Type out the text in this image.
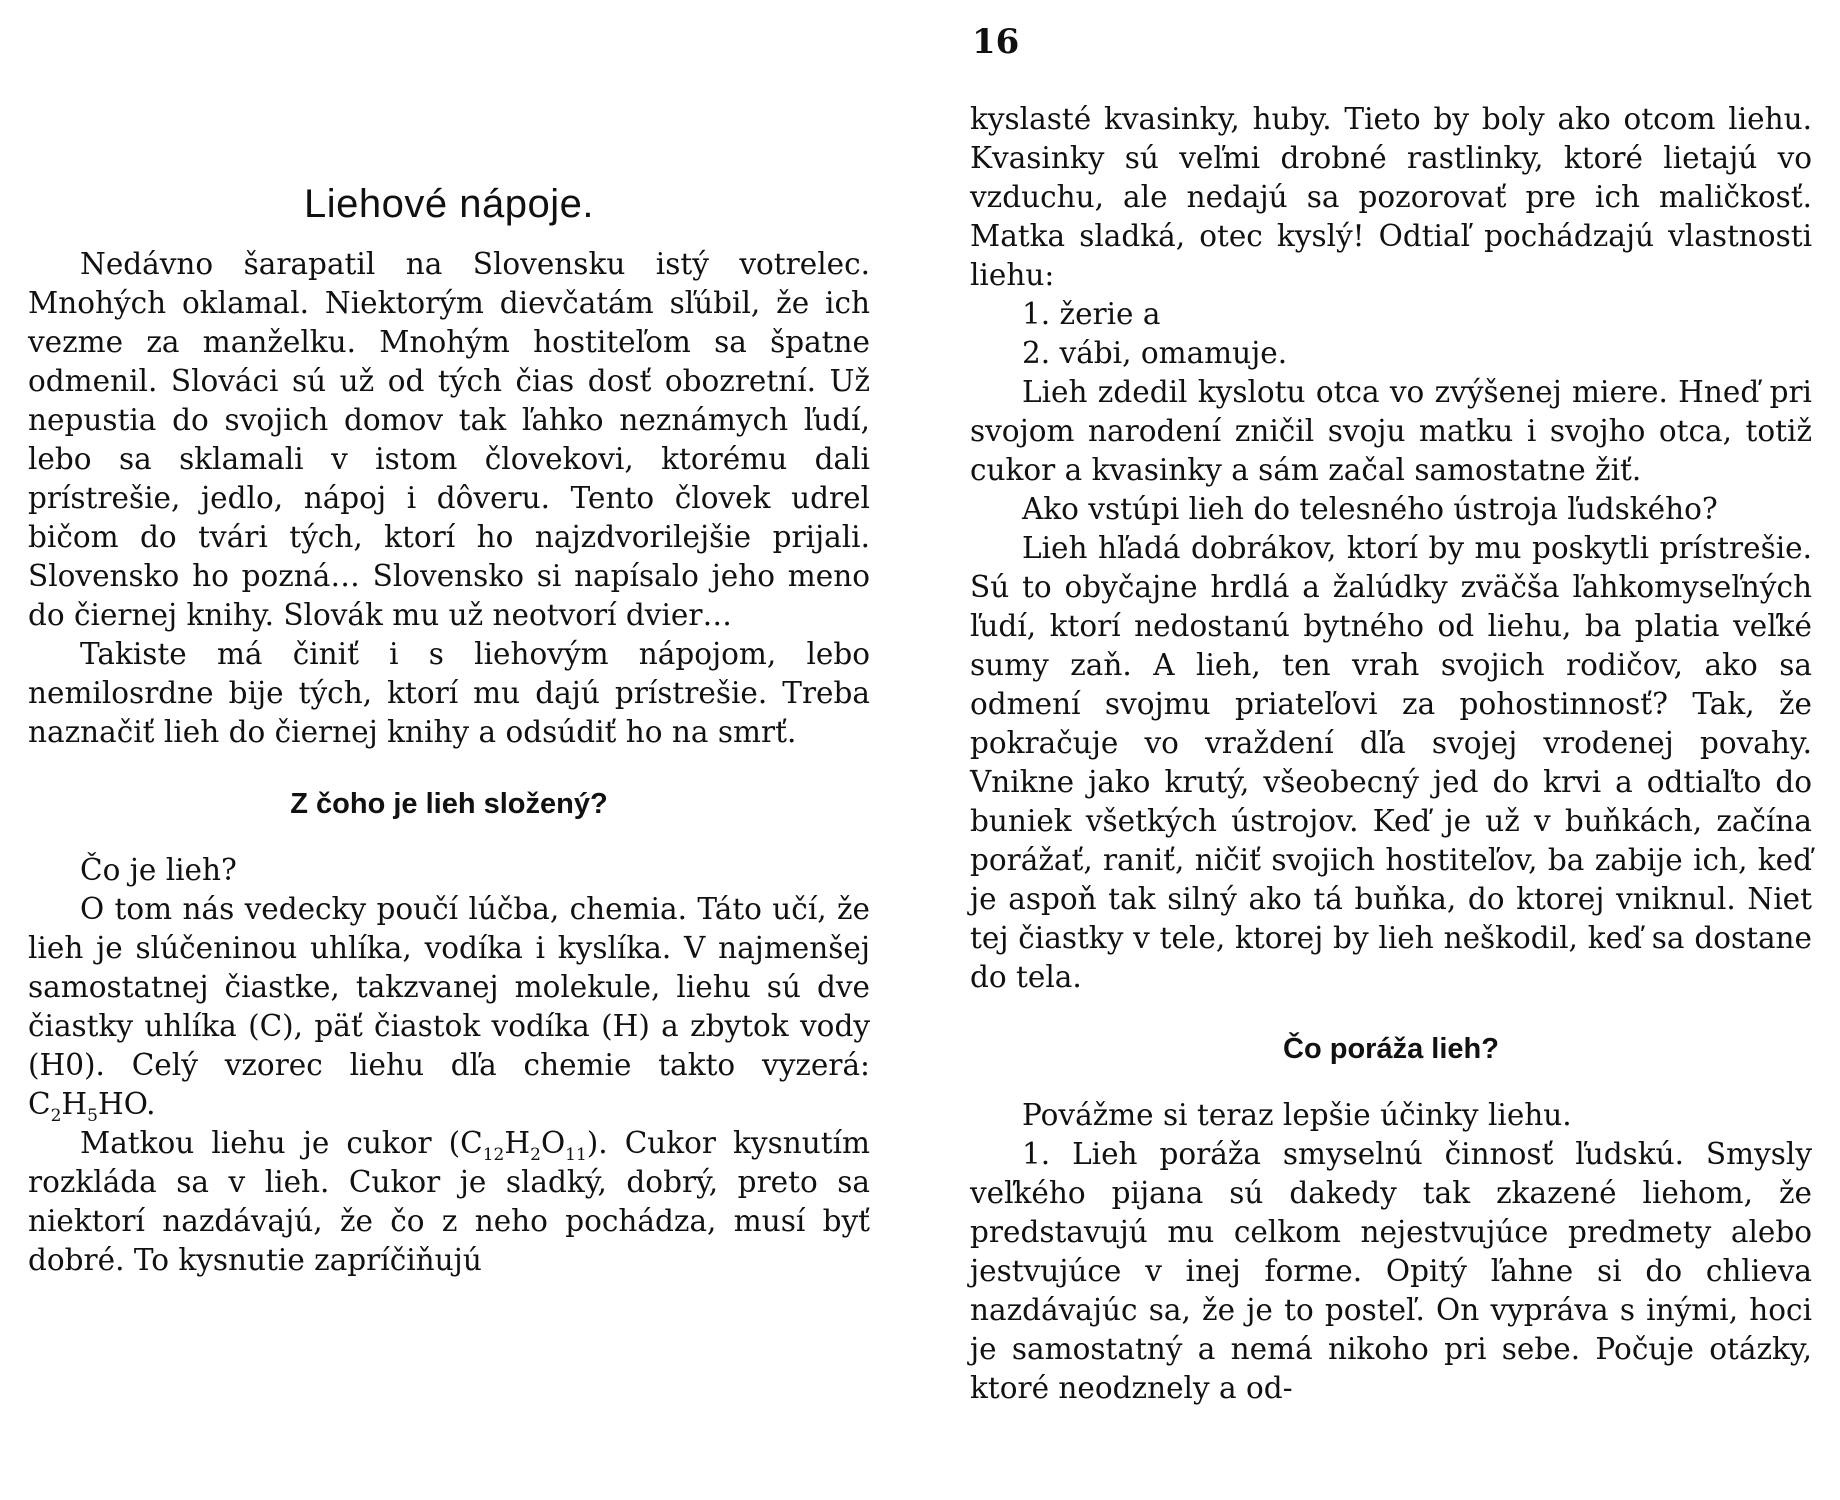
Liehové nápoje.

Nedávno šarapatil na Slovensku istý votrelec. Mnohých oklamal. Niektorým dievčatám sľúbil, že ich vezme za manželku. Mnohým hostiteľom sa špatne odmenil. Slováci sú už od tých čias dosť obozretní. Už nepustia do svojich domov tak ľahko neznámych ľudí, lebo sa sklamali v istom človekovi, ktorému dali prístrešie, jedlo, nápoj i dôveru. Tento človek udrel bičom do tvári tých, ktorí ho najzdvorilejšie prijali. Slovensko ho pozná… Slovensko si napísalo jeho meno do čiernej knihy. Slovák mu už neotvorí dvier…

Takiste má činiť i s liehovým nápojom, lebo nemilosrdne bije tých, ktorí mu dajú prístrešie. Treba naznačiť lieh do čiernej knihy a odsúdiť ho na smrť.

Z čoho je lieh složený?

Čo je lieh?

O tom nás vedecky poučí lúčba, chemia. Táto učí, že lieh je slúčeninou uhlíka, vodíka i kyslíka. V najmenšej samostatnej čiastke, takzvanej molekule, liehu sú dve čiastky uhlíka (C), päť čiastok vodíka (H) a zbytok vody (H0). Celý vzorec liehu dľa chemie takto vyzerá: $C_2H_5HO$.

Matkou liehu je cukor $(C_{12}H_2O_{11})$. Cukor kysnutím rozkláda sa v lieh. Cukor je sladký, dobrý, preto sa niektorí nazdávajú, že čo z neho pochádza, musí byť dobré. To kysnutie zapríčiňujú

16

kyslasté kvasinky, huby. Tieto by boly ako otcom liehu. Kvasinky sú veľmi drobné rastlinky, ktoré lietajú vo vzduchu, ale nedajú sa pozorovať pre ich maličkosť. Matka sladká, otec kyslý! Odtiaľ pochádzajú vlastnosti liehu:

1. žerie a

2. vábi, omamuje.

Lieh zdedil kyslotu otca vo zvýšenej miere. Hneď pri svojom narodení zničil svoju matku i svojho otca, totiž cukor a kvasinky a sám začal samostatne žiť.

Ako vstúpi lieh do telesného ústroja ľudského?

Lieh hľadá dobrákov, ktorí by mu poskytli prístrešie. Sú to obyčajne hrdlá a žalúdky zväčša ľahkomyseľných ľudí, ktorí nedostanú bytného od liehu, ba platia veľké sumy zaň. A lieh, ten vrah svojich rodičov, ako sa odmení svojmu priateľovi za pohostinnosť? Tak, že pokračuje vo vraždení dľa svojej vrodenej povahy. Vnikne jako krutý, všeobecný jed do krvi a odtiaľto do buniek všetkých ústrojov. Keď je už v buňkách, začína porážať, raniť, ničiť svojich hostiteľov, ba zabije ich, keď je aspoň tak silný ako tá buňka, do ktorej vniknul. Niet tej čiastky v tele, ktorej by lieh neškodil, keď sa dostane do tela.

Čo poráža lieh?

Povážme si teraz lepšie účinky liehu.

1. Lieh poráža smyselnú činnosť ľudskú. Smysly veľkého pijana sú dakedy tak zkazené liehom, že predstavujú mu celkom nejestvujúce predmety alebo jestvujúce v inej forme. Opitý ľahne si do chlieva nazdávajúc sa, že je to posteľ. On vypráva s inými, hoci je samostatný a nemá nikoho pri sebe. Počuje otázky, ktoré neodznely a od-
